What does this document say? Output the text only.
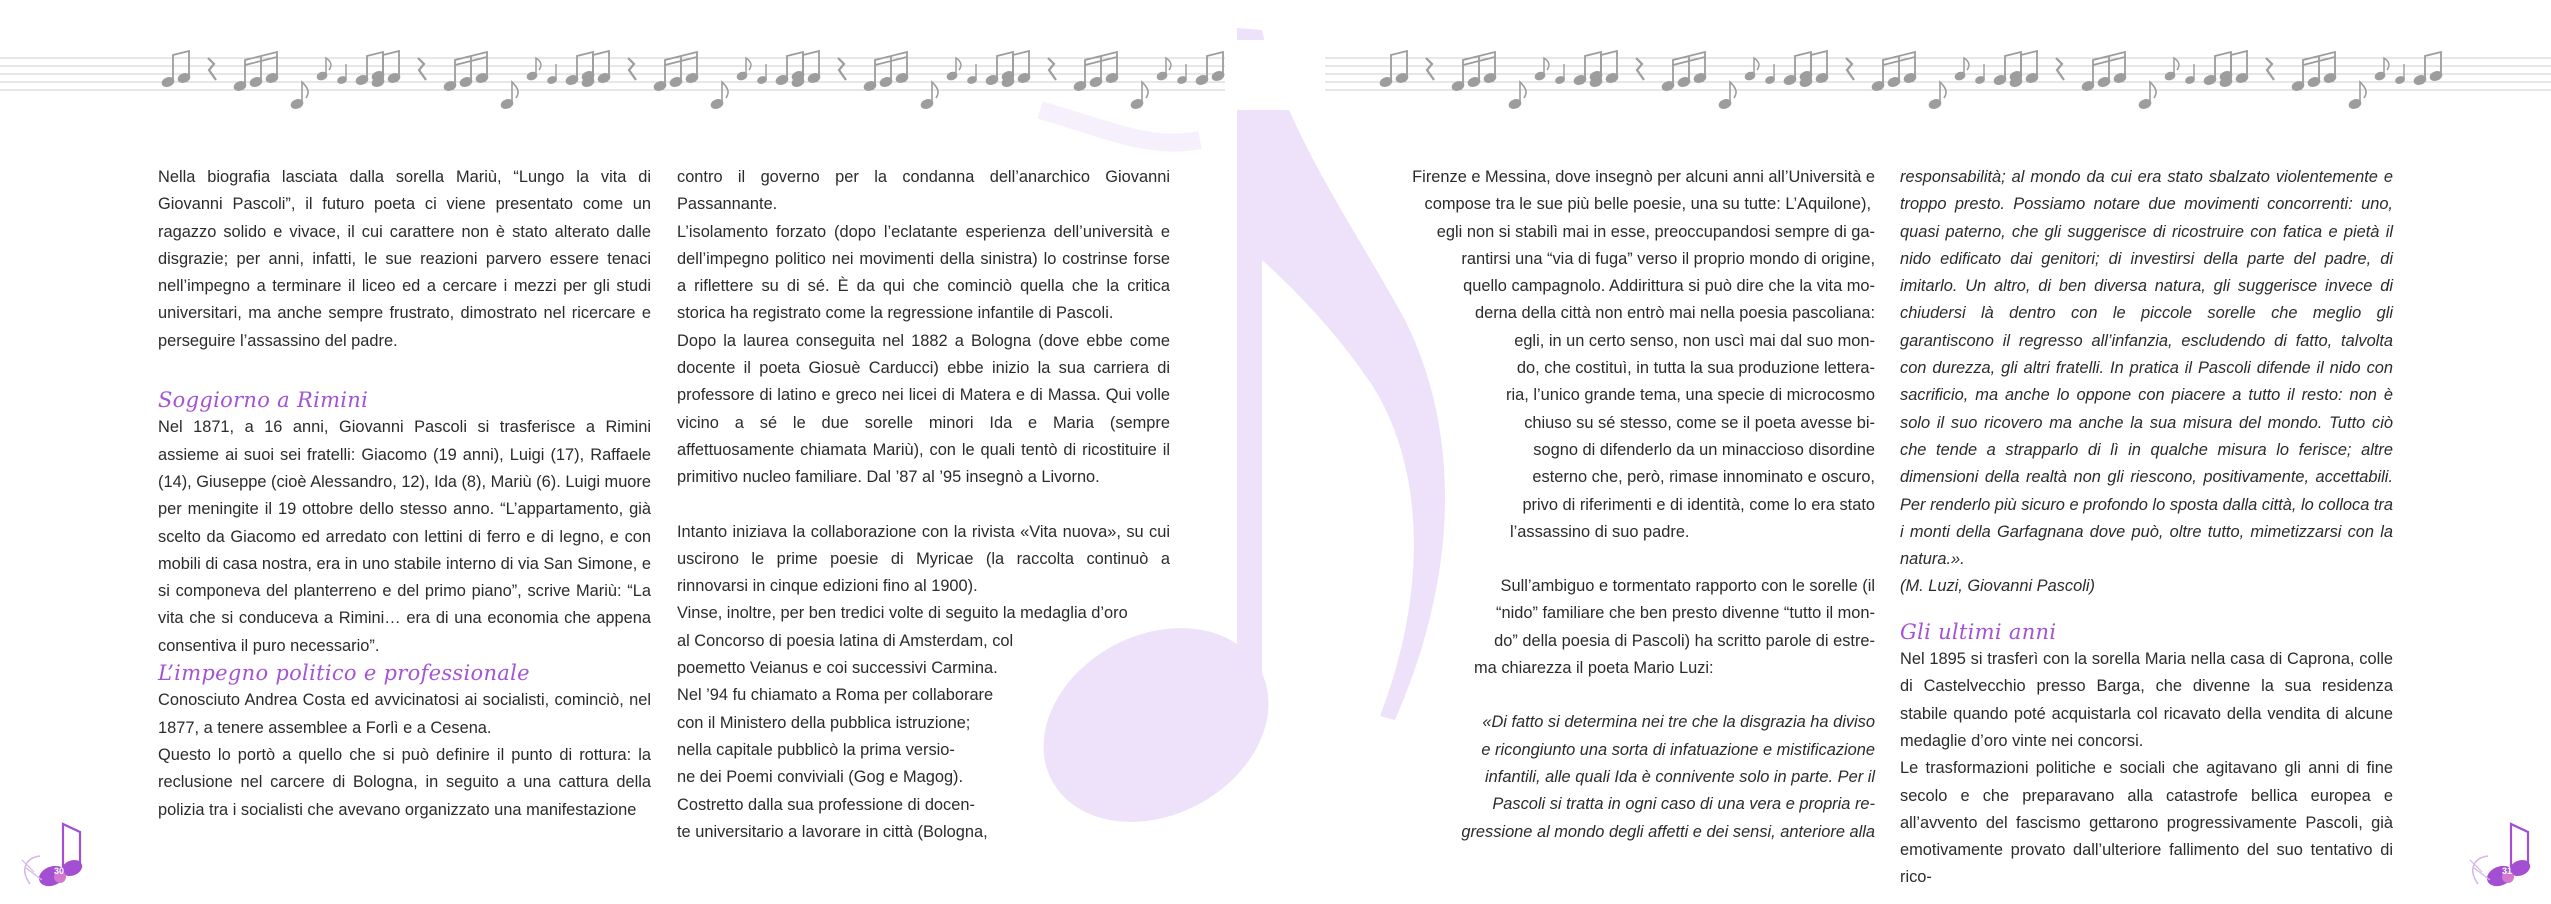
30	31

Nella biografia lasciata dalla sorella Mariù, “Lungo la vita di Giovanni Pascoli”, il futuro poeta ci viene presentato come un ragazzo solido e vivace, il cui carattere non è stato alterato dalle disgrazie; per anni, infatti, le sue reazioni parvero essere tenaci nell’impegno a terminare il liceo ed a cercare i mezzi per gli studi universitari, ma anche sempre frustrato, dimostrato nel ricercare e perseguire l’assassino del padre.

Soggiorno a Rimini

Nel 1871, a 16 anni, Giovanni Pascoli si trasferisce a Rimini assieme ai suoi sei fratelli: Giacomo (19 anni), Luigi (17), Raffaele (14), Giuseppe (cioè Alessandro, 12), Ida (8), Mariù (6). Luigi muore per meningite il 19 ottobre dello stesso anno. “L’appartamento, già scelto da Giacomo ed arredato con lettini di ferro e di legno, e con mobili di casa nostra, era in uno stabile interno di via San Simone, e si componeva del planterreno e del primo piano”, scrive Mariù: “La vita che si conduceva a Rimini… era di una economia che appena consentiva il puro necessario”.

L’impegno politico e professionale

Conosciuto Andrea Costa ed avvicinatosi ai socialisti, cominciò, nel 1877, a tenere assemblee a Forlì e a Cesena.

Questo lo portò a quello che si può definire il punto di rottura: la reclusione nel carcere di Bologna, in seguito a una cattura della polizia tra i socialisti che avevano organizzato una manifestazione

contro il governo per la condanna dell’anarchico Giovanni Passannante.

L’isolamento forzato (dopo l’eclatante esperienza dell’università e dell’impegno politico nei movimenti della sinistra) lo costrinse forse a riflettere su di sé. È da qui che cominciò quella che la critica storica ha registrato come la regressione infantile di Pascoli.

Dopo la laurea conseguita nel 1882 a Bologna (dove ebbe come docente il poeta Giosuè Carducci) ebbe inizio la sua carriera di professore di latino e greco nei licei di Matera e di Massa. Qui volle vicino a sé le due sorelle minori Ida e Maria (sempre affettuosamente chiamata Mariù), con le quali tentò di ricostituire il primitivo nucleo familiare. Dal ’87 al ’95 insegnò a Livorno.

Intanto iniziava la collaborazione con la rivista «Vita nuova», su cui uscirono le prime poesie di Myricae (la raccolta continuò a rinnovarsi in cinque edizioni fino al 1900).

Vinse, inoltre, per ben tredici volte di seguito la medaglia d’oro

al Concorso di poesia latina di Amsterdam, col

poemetto Veianus e coi successivi Carmina.

Nel ’94 fu chiamato a Roma per collaborare

con il Ministero della pubblica istruzione;

nella capitale pubblicò la prima versio-

ne dei Poemi conviviali (Gog e Magog).

Costretto dalla sua professione di docen-

te universitario a lavorare in città (Bologna,

Firenze e Messina, dove insegnò per alcuni anni all’Università e

compose tra le sue più belle poesie, una su tutte: L’Aquilone),

egli non si stabilì mai in esse, preoccupandosi sempre di ga-

rantirsi una “via di fuga” verso il proprio mondo di origine,

quello campagnolo. Addirittura si può dire che la vita mo-

derna della città non entrò mai nella poesia pascoliana:

egli, in un certo senso, non uscì mai dal suo mon-

do, che costituì, in tutta la sua produzione lettera-

ria, l’unico grande tema, una specie di microcosmo

chiuso su sé stesso, come se il poeta avesse bi-

sogno di difenderlo da un minaccioso disordine

esterno che, però, rimase innominato e oscuro,

privo di riferimenti e di identità, come lo era stato

l’assassino di suo padre.

Sull’ambiguo e tormentato rapporto con le sorelle (il

“nido” familiare che ben presto divenne “tutto il mon-

do” della poesia di Pascoli) ha scritto parole di estre-

ma chiarezza il poeta Mario Luzi:

«Di fatto si determina nei tre che la disgrazia ha diviso

e ricongiunto una sorta di infatuazione e mistificazione

infantili, alle quali Ida è connivente solo in parte. Per il

Pascoli si tratta in ogni caso di una vera e propria re-

gressione al mondo degli affetti e dei sensi, anteriore alla

responsabilità; al mondo da cui era stato sbalzato violentemente e troppo presto. Possiamo notare due movimenti concorrenti: uno, quasi paterno, che gli suggerisce di ricostruire con fatica e pietà il nido edificato dai genitori; di investirsi della parte del padre, di imitarlo. Un altro, di ben diversa natura, gli suggerisce invece di chiudersi là dentro con le piccole sorelle che meglio gli garantiscono il regresso all’infanzia, escludendo di fatto, talvolta con durezza, gli altri fratelli. In pratica il Pascoli difende il nido con sacrificio, ma anche lo oppone con piacere a tutto il resto: non è solo il suo ricovero ma anche la sua misura del mondo. Tutto ciò che tende a strapparlo di lì in qualche misura lo ferisce; altre dimensioni della realtà non gli riescono, positivamente, accettabili. Per renderlo più sicuro e profondo lo sposta dalla città, lo colloca tra i monti della Garfagnana dove può, oltre tutto, mimetizzarsi con la natura.».

(M. Luzi, Giovanni Pascoli)

Gli ultimi anni

Nel 1895 si trasferì con la sorella Maria nella casa di Caprona, colle di Castelvecchio presso Barga, che divenne la sua residenza stabile quando poté acquistarla col ricavato della vendita di alcune medaglie d’oro vinte nei concorsi.

Le trasformazioni politiche e sociali che agitavano gli anni di fine secolo e che preparavano alla catastrofe bellica europea e all’avvento del fascismo gettarono progressivamente Pascoli, già emotivamente provato dall’ulteriore fallimento del suo tentativo di rico-
